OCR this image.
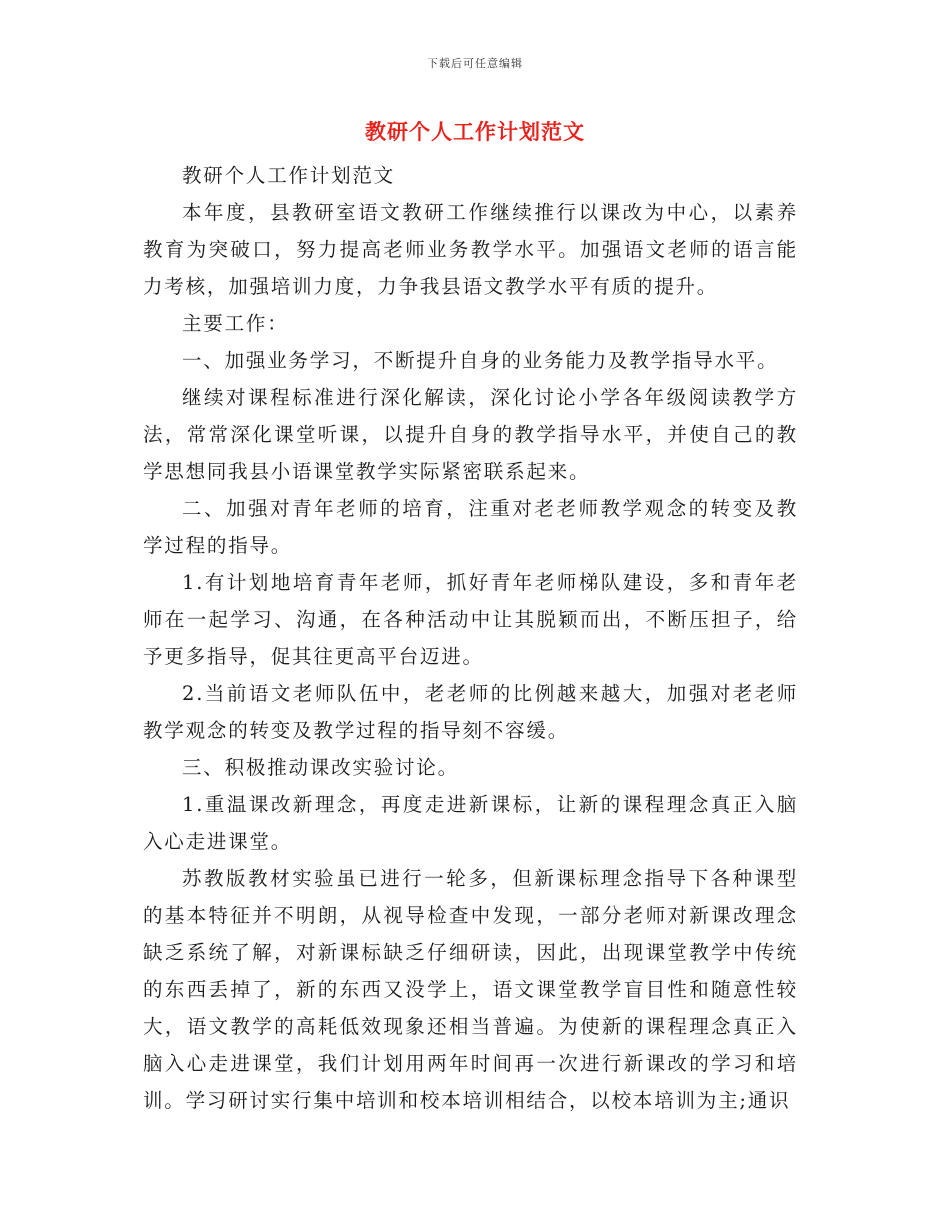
下载后可任意编辑
教研个人工作计划范文

教研个人工作计划范文

本年度，县教研室语文教研工作继续推行以课改为中心，以素养教育为突破口，努力提高老师业务教学水平。加强语文老师的语言能力考核，加强培训力度，力争我县语文教学水平有质的提升。

主要工作：

一、加强业务学习，不断提升自身的业务能力及教学指导水平。

继续对课程标准进行深化解读，深化讨论小学各年级阅读教学方法，常常深化课堂听课，以提升自身的教学指导水平，并使自己的教学思想同我县小语课堂教学实际紧密联系起来。

二、加强对青年老师的培育，注重对老老师教学观念的转变及教学过程的指导。

1.有计划地培育青年老师，抓好青年老师梯队建设，多和青年老师在一起学习、沟通，在各种活动中让其脱颖而出，不断压担子，给予更多指导，促其往更高平台迈进。

2.当前语文老师队伍中，老老师的比例越来越大，加强对老老师教学观念的转变及教学过程的指导刻不容缓。

三、积极推动课改实验讨论。

1.重温课改新理念，再度走进新课标，让新的课程理念真正入脑入心走进课堂。

苏教版教材实验虽已进行一轮多，但新课标理念指导下各种课型的基本特征并不明朗，从视导检查中发现，一部分老师对新课改理念缺乏系统了解，对新课标缺乏仔细研读，因此，出现课堂教学中传统的东西丢掉了，新的东西又没学上，语文课堂教学盲目性和随意性较大，语文教学的高耗低效现象还相当普遍。为使新的课程理念真正入脑入心走进课堂，我们计划用两年时间再一次进行新课改的学习和培训。学习研讨实行集中培训和校本培训相结合，以校本培训为主;通识
